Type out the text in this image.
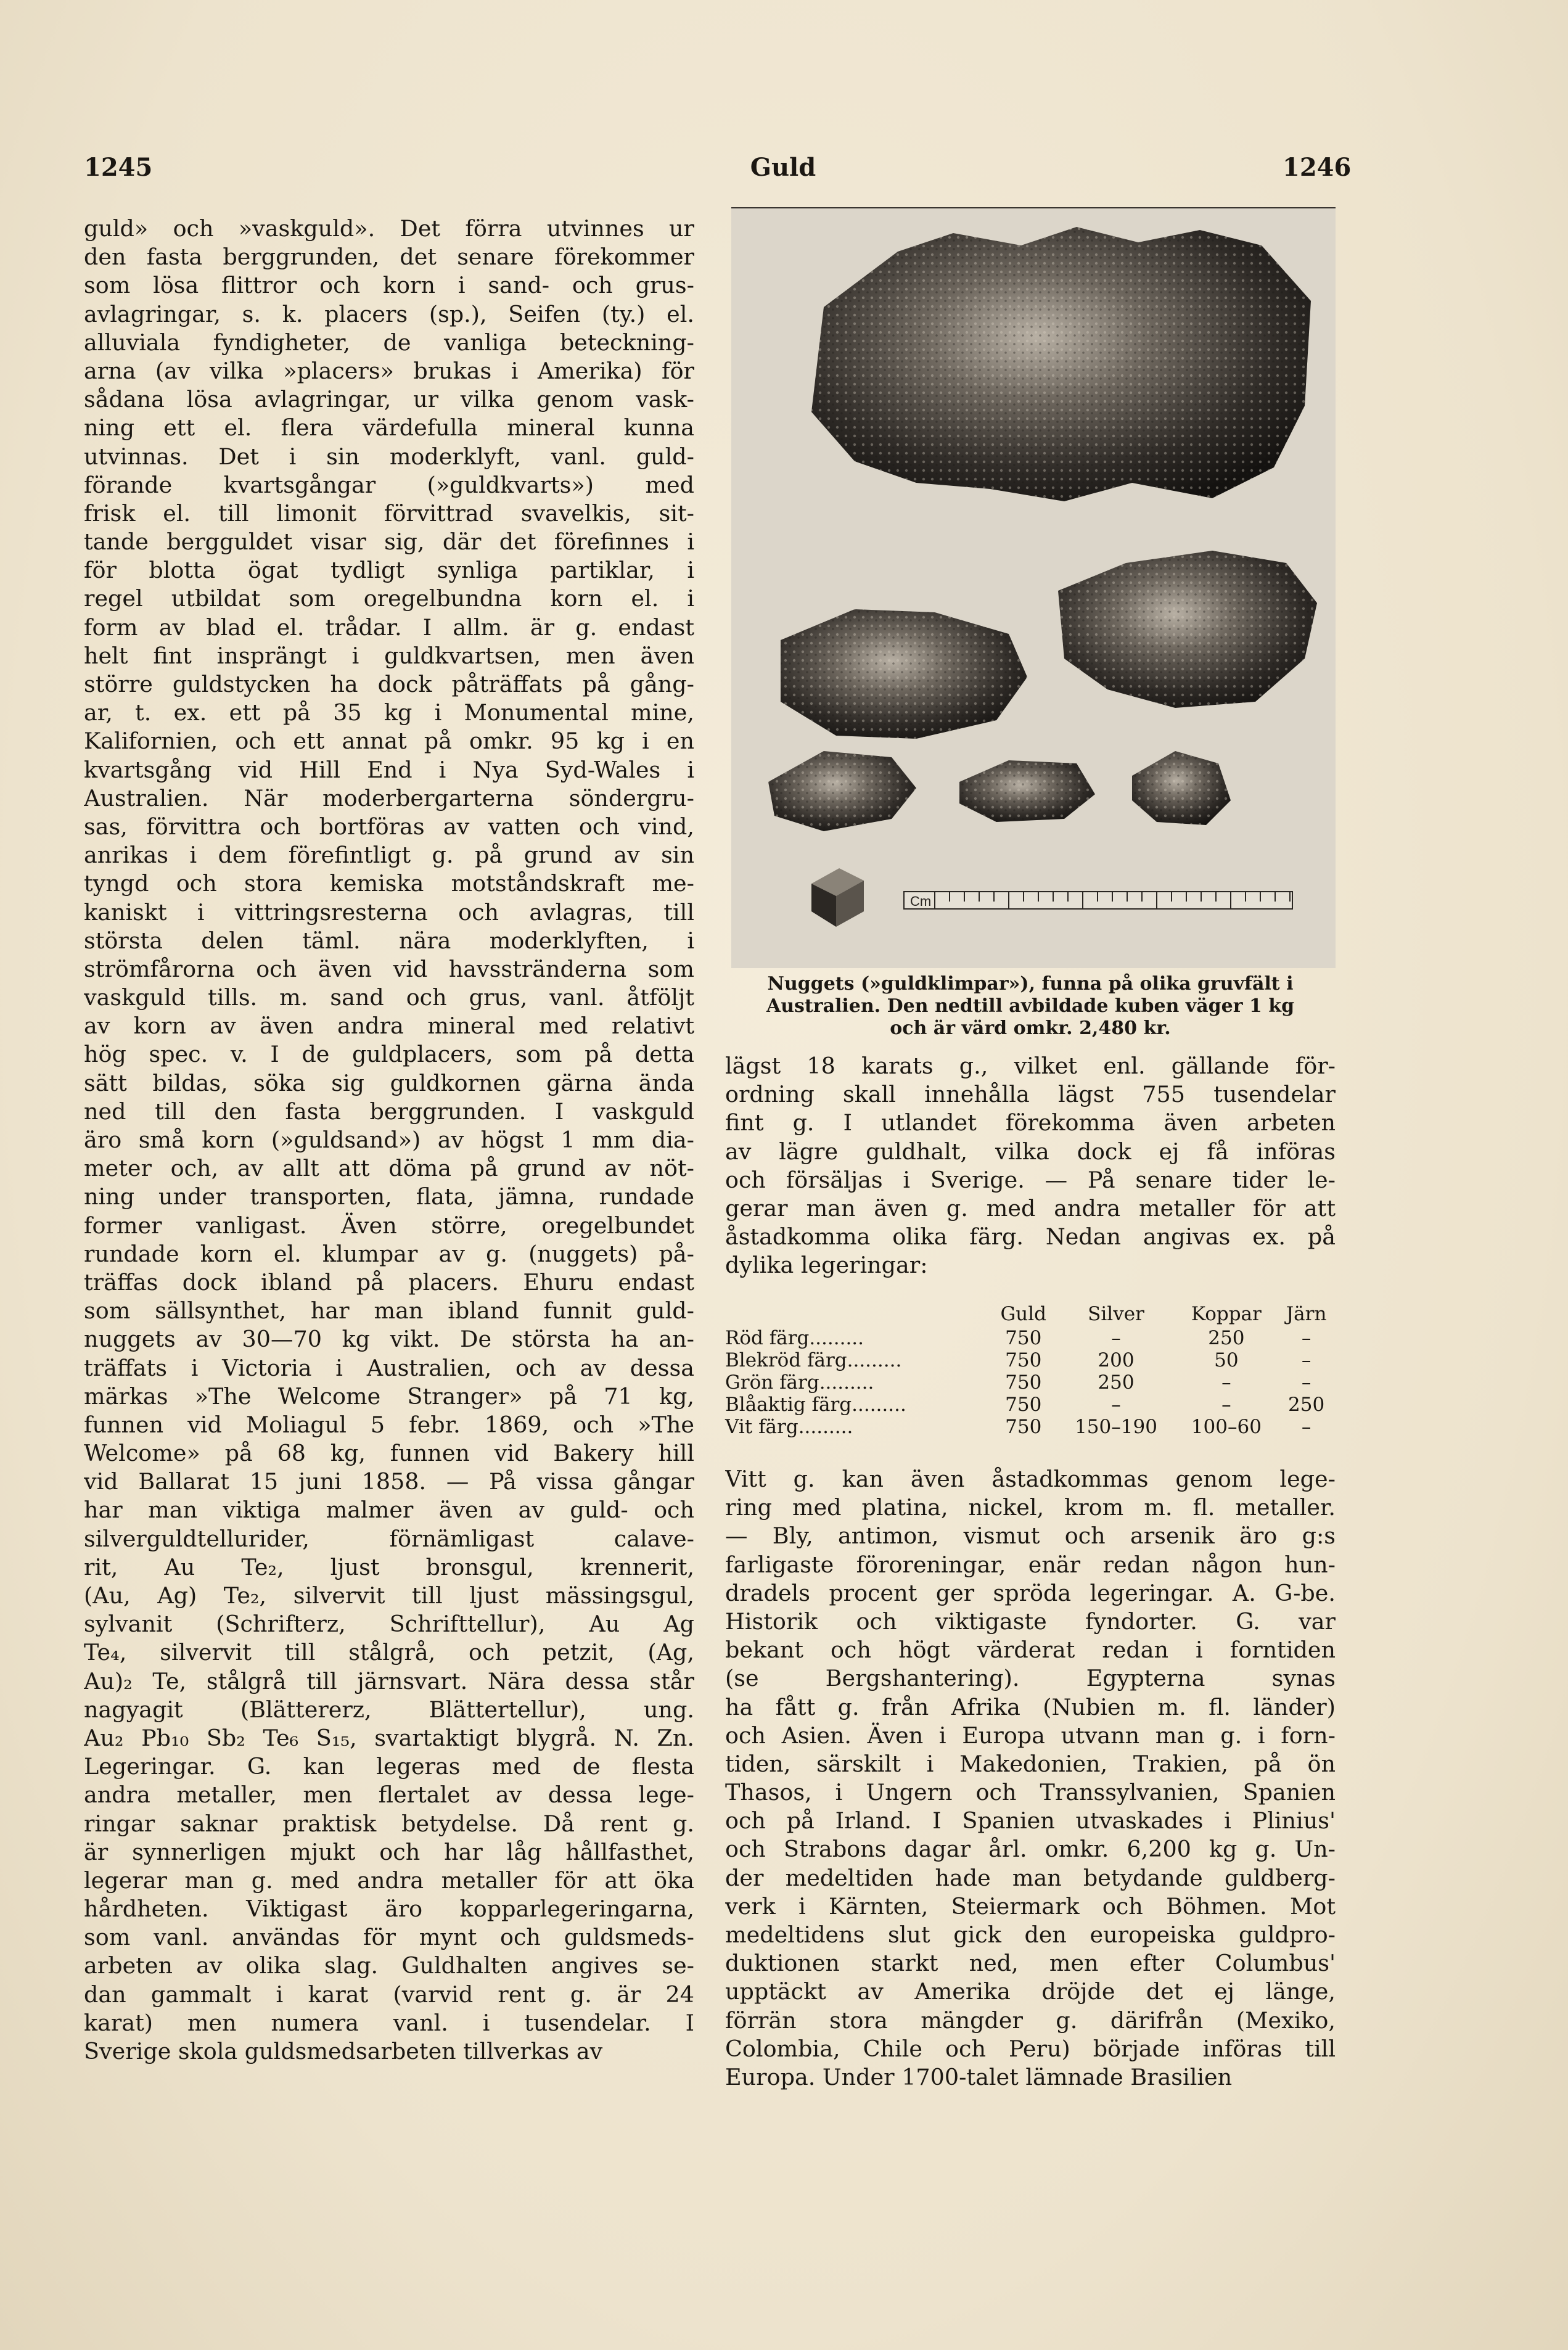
1245	Guld	1246
guld» och »vaskguld». Det förra utvinnes ur
den fasta berggrunden, det senare förekommer
som lösa flittror och korn i sand- och grus-
avlagringar, s. k. placers (sp.), Seifen (ty.) el.
alluviala fyndigheter, de vanliga beteckning-
arna (av vilka »placers» brukas i Amerika) för
sådana lösa avlagringar, ur vilka genom vask-
ning ett el. flera värdefulla mineral kunna
utvinnas. Det i sin moderklyft, vanl. guld-
förande kvartsgångar (»guldkvarts») med
frisk el. till limonit förvittrad svavelkis, sit-
tande bergguldet visar sig, där det förefinnes i
för blotta ögat tydligt synliga partiklar, i
regel utbildat som oregelbundna korn el. i
form av blad el. trådar. I allm. är g. endast
helt fint insprängt i guldkvartsen, men även
större guldstycken ha dock påträffats på gång-
ar, t. ex. ett på 35 kg i Monumental mine,
Kalifornien, och ett annat på omkr. 95 kg i en
kvartsgång vid Hill End i Nya Syd-Wales i
Australien. När moderbergarterna söndergru-
sas, förvittra och bortföras av vatten och vind,
anrikas i dem förefintligt g. på grund av sin
tyngd och stora kemiska motståndskraft me-
kaniskt i vittringsresterna och avlagras, till
största delen täml. nära moderklyften, i
strömfårorna och även vid havsstränderna som
vaskguld tills. m. sand och grus, vanl. åtföljt
av korn av även andra mineral med relativt
hög spec. v. I de guldplacers, som på detta
sätt bildas, söka sig guldkornen gärna ända
ned till den fasta berggrunden. I vaskguld
äro små korn (»guldsand») av högst 1 mm dia-
meter och, av allt att döma på grund av nöt-
ning under transporten, flata, jämna, rundade
former vanligast. Även större, oregelbundet
rundade korn el. klumpar av g. (nuggets) på-
träffas dock ibland på placers. Ehuru endast
som sällsynthet, har man ibland funnit guld-
nuggets av 30—70 kg vikt. De största ha an-
träffats i Victoria i Australien, och av dessa
märkas »The Welcome Stranger» på 71 kg,
funnen vid Moliagul 5 febr. 1869, och »The
Welcome» på 68 kg, funnen vid Bakery hill
vid Ballarat 15 juni 1858. — På vissa gångar
har man viktiga malmer även av guld- och
silverguldtellurider, förnämligast calave-
rit, Au Te₂, ljust bronsgul, krennerit,
(Au, Ag) Te₂, silvervit till ljust mässingsgul,
sylvanit (Schrifterz, Schrifttellur), Au Ag
Te₄, silvervit till stålgrå, och petzit, (Ag,
Au)₂ Te, stålgrå till järnsvart. Nära dessa står
nagyagit (Blättererz, Blättertellur), ung.
Au₂ Pb₁₀ Sb₂ Te₆ S₁₅, svartaktigt blygrå. N. Zn.
Legeringar. G. kan legeras med de flesta
andra metaller, men flertalet av dessa lege-
ringar saknar praktisk betydelse. Då rent g.
är synnerligen mjukt och har låg hållfasthet,
legerar man g. med andra metaller för att öka
hårdheten. Viktigast äro kopparlegeringarna,
som vanl. användas för mynt och guldsmeds-
arbeten av olika slag. Guldhalten angives se-
dan gammalt i karat (varvid rent g. är 24
karat) men numera vanl. i tusendelar. I
Sverige skola guldsmedsarbeten tillverkas av
Cm
Nuggets (»guldklimpar»), funna på olika gruvfält i
Australien. Den nedtill avbildade kuben väger 1 kg
och är värd omkr. 2,480 kr.
lägst 18 karats g., vilket enl. gällande för-
ordning skall innehålla lägst 755 tusendelar
fint g. I utlandet förekomma även arbeten
av lägre guldhalt, vilka dock ej få införas
och försäljas i Sverige. — På senare tider le-
gerar man även g. med andra metaller för att
åstadkomma olika färg. Nedan angivas ex. på
dylika legeringar:
	Guld	Silver	Koppar	Järn
Röd färg.........	750	–	250	–
Blekröd färg.........	750	200	50	–
Grön färg.........	750	250	–	–
Blåaktig färg.........	750	–	–	250
Vit färg.........	750	150–190	100–60	–
Vitt g. kan även åstadkommas genom lege-
ring med platina, nickel, krom m. fl. metaller.
— Bly, antimon, vismut och arsenik äro g:s
farligaste föroreningar, enär redan någon hun-
dradels procent ger spröda legeringar. A. G-be.
Historik och viktigaste fyndorter. G. var
bekant och högt värderat redan i forntiden
(se Bergshantering). Egypterna synas
ha fått g. från Afrika (Nubien m. fl. länder)
och Asien. Även i Europa utvann man g. i forn-
tiden, särskilt i Makedonien, Trakien, på ön
Thasos, i Ungern och Transsylvanien, Spanien
och på Irland. I Spanien utvaskades i Plinius'
och Strabons dagar årl. omkr. 6,200 kg g. Un-
der medeltiden hade man betydande guldberg-
verk i Kärnten, Steiermark och Böhmen. Mot
medeltidens slut gick den europeiska guldpro-
duktionen starkt ned, men efter Columbus'
upptäckt av Amerika dröjde det ej länge,
förrän stora mängder g. därifrån (Mexiko,
Colombia, Chile och Peru) började införas till
Europa. Under 1700-talet lämnade Brasilien
